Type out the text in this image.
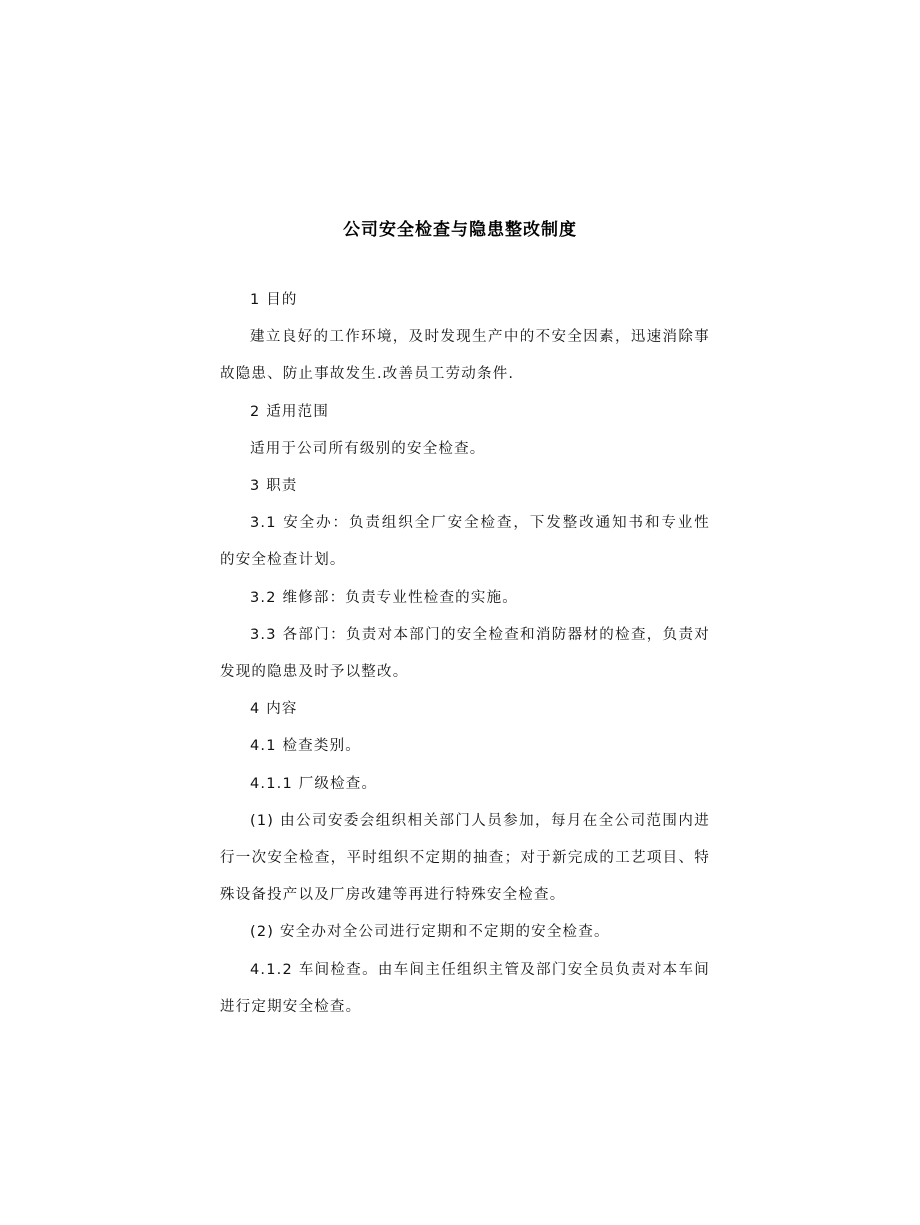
公司安全检查与隐患整改制度

1 目的

建立良好的工作环境，及时发现生产中的不安全因素，迅速消除事故隐患、防止事故发生.改善员工劳动条件.

2 适用范围

适用于公司所有级别的安全检查。

3 职责

3.1 安全办：负责组织全厂安全检查，下发整改通知书和专业性 的安全检查计划。

3.2 维修部：负责专业性检查的实施。

3.3 各部门：负责对本部门的安全检查和消防器材的检查，负责对发现的隐患及时予以整改。

4 内容

4.1 检查类别。

4.1.1 厂级检查。

(1) 由公司安委会组织相关部门人员参加，每月在全公司范围内进行一次安全检查，平时组织不定期的抽查；对于新完成的工艺项目、特殊设备投产以及厂房改建等再进行特殊安全检查。

(2) 安全办对全公司进行定期和不定期的安全检查。

4.1.2 车间检查。由车间主任组织主管及部门安全员负责对本车间进行定期安全检查。
